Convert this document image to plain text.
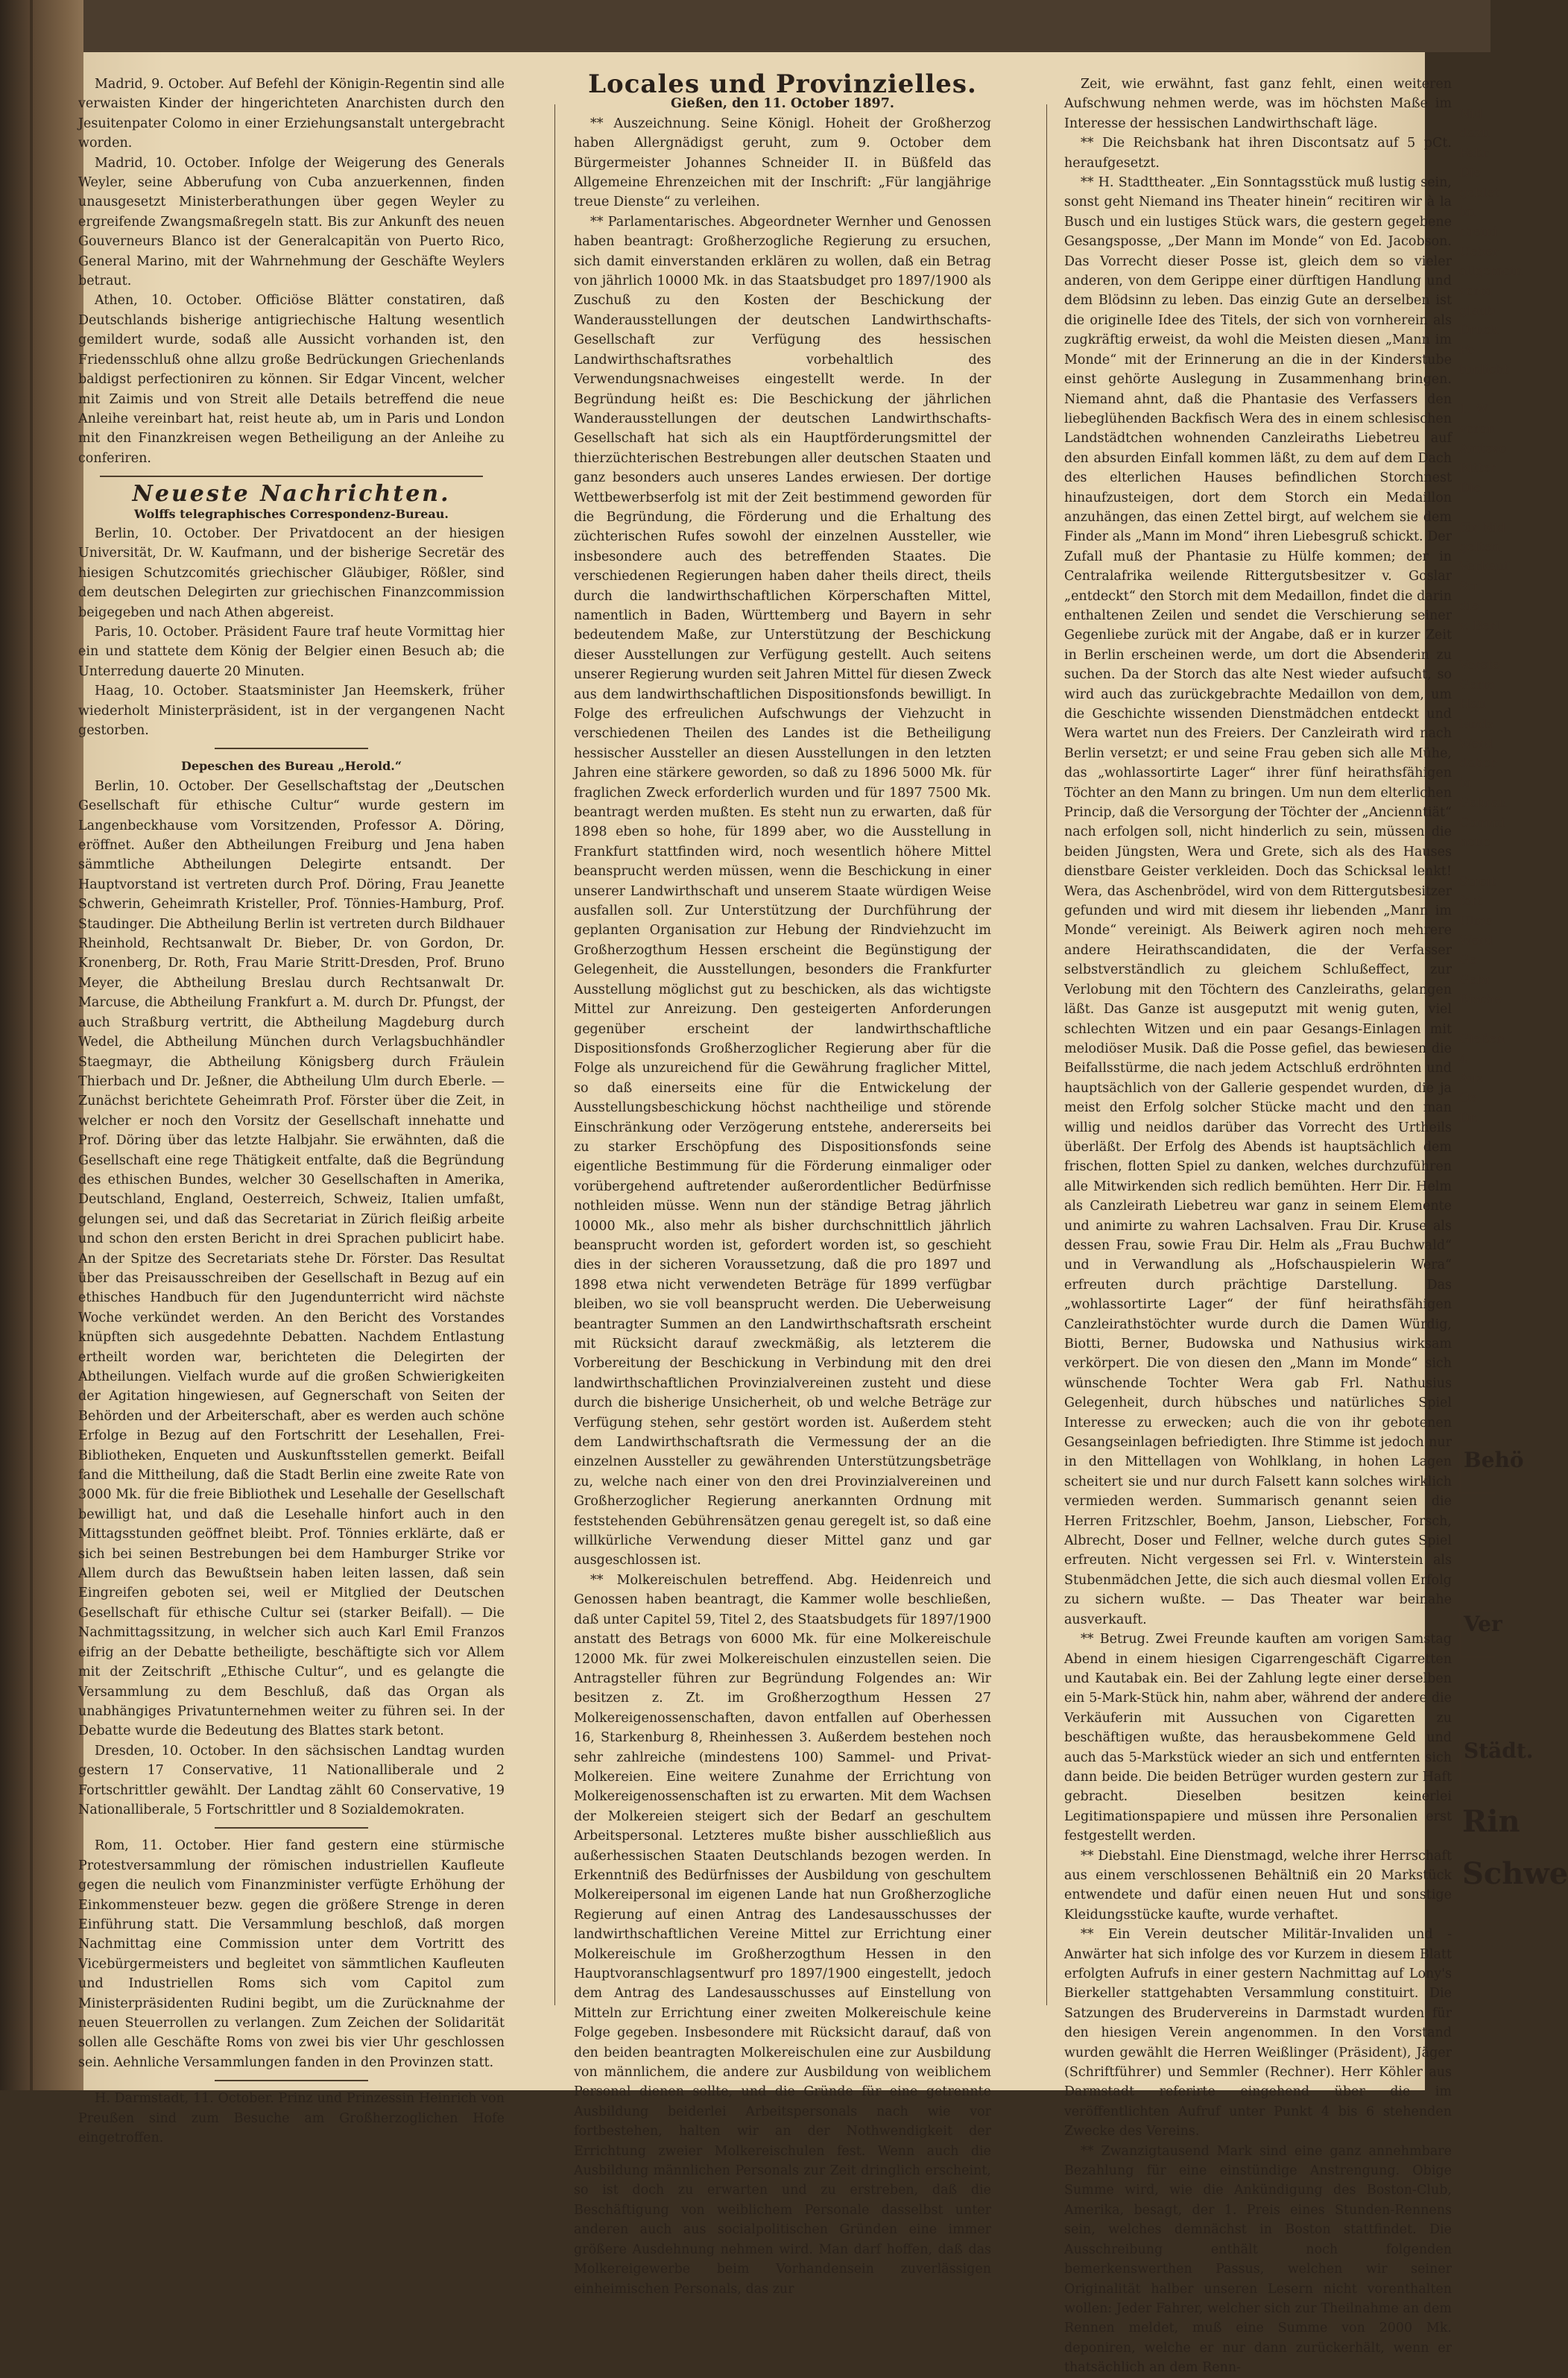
Madrid, 9. October. Auf Befehl der Königin-Regentin sind alle verwaisten Kinder der hingerichteten Anarchisten durch den Jesuitenpater Colomo in einer Erziehungsanstalt untergebracht worden.

Madrid, 10. October. Infolge der Weigerung des Generals Weyler, seine Abberufung von Cuba anzuerkennen, finden unausgesetzt Ministerberathungen über gegen Weyler zu ergreifende Zwangsmaßregeln statt. Bis zur Ankunft des neuen Gouverneurs Blanco ist der Generalcapitän von Puerto Rico, General Marino, mit der Wahrnehmung der Geschäfte Weylers betraut.

Athen, 10. October. Officiöse Blätter constatiren, daß Deutschlands bisherige antigriechische Haltung wesentlich gemildert wurde, sodaß alle Aussicht vorhanden ist, den Friedensschluß ohne allzu große Bedrückungen Griechenlands baldigst perfectioniren zu können. Sir Edgar Vincent, welcher mit Zaimis und von Streit alle Details betreffend die neue Anleihe vereinbart hat, reist heute ab, um in Paris und London mit den Finanzkreisen wegen Betheiligung an der Anleihe zu conferiren.

Neueste Nachrichten.

Wolffs telegraphisches Correspondenz-Bureau.

Berlin, 10. October. Der Privatdocent an der hiesigen Universität, Dr. W. Kaufmann, und der bisherige Secretär des hiesigen Schutzcomités griechischer Gläubiger, Rößler, sind dem deutschen Delegirten zur griechischen Finanzcommission beigegeben und nach Athen abgereist.

Paris, 10. October. Präsident Faure traf heute Vormittag hier ein und stattete dem König der Belgier einen Besuch ab; die Unterredung dauerte 20 Minuten.

Haag, 10. October. Staatsminister Jan Heemskerk, früher wiederholt Ministerpräsident, ist in der vergangenen Nacht gestorben.

Depeschen des Bureau „Herold.“

Berlin, 10. October. Der Gesellschaftstag der „Deutschen Gesellschaft für ethische Cultur“ wurde gestern im Langenbeckhause vom Vorsitzenden, Professor A. Döring, eröffnet. Außer den Abtheilungen Freiburg und Jena haben sämmtliche Abtheilungen Delegirte entsandt. Der Hauptvorstand ist vertreten durch Prof. Döring, Frau Jeanette Schwerin, Geheimrath Kristeller, Prof. Tönnies-Hamburg, Prof. Staudinger. Die Abtheilung Berlin ist vertreten durch Bildhauer Rheinhold, Rechtsanwalt Dr. Bieber, Dr. von Gordon, Dr. Kronenberg, Dr. Roth, Frau Marie Stritt-Dresden, Prof. Bruno Meyer, die Abtheilung Breslau durch Rechtsanwalt Dr. Marcuse, die Abtheilung Frankfurt a. M. durch Dr. Pfungst, der auch Straßburg vertritt, die Abtheilung Magdeburg durch Wedel, die Abtheilung München durch Verlagsbuchhändler Staegmayr, die Abtheilung Königsberg durch Fräulein Thierbach und Dr. Jeßner, die Abtheilung Ulm durch Eberle. — Zunächst berichtete Geheimrath Prof. Förster über die Zeit, in welcher er noch den Vorsitz der Gesellschaft innehatte und Prof. Döring über das letzte Halbjahr. Sie erwähnten, daß die Gesellschaft eine rege Thätigkeit entfalte, daß die Begründung des ethischen Bundes, welcher 30 Gesellschaften in Amerika, Deutschland, England, Oesterreich, Schweiz, Italien umfaßt, gelungen sei, und daß das Secretariat in Zürich fleißig arbeite und schon den ersten Bericht in drei Sprachen publicirt habe. An der Spitze des Secretariats stehe Dr. Förster. Das Resultat über das Preisausschreiben der Gesellschaft in Bezug auf ein ethisches Handbuch für den Jugendunterricht wird nächste Woche verkündet werden. An den Bericht des Vorstandes knüpften sich ausgedehnte Debatten. Nachdem Entlastung ertheilt worden war, berichteten die Delegirten der Abtheilungen. Vielfach wurde auf die großen Schwierigkeiten der Agitation hingewiesen, auf Gegnerschaft von Seiten der Behörden und der Arbeiterschaft, aber es werden auch schöne Erfolge in Bezug auf den Fortschritt der Lesehallen, Frei-Bibliotheken, Enqueten und Auskunftsstellen gemerkt. Beifall fand die Mittheilung, daß die Stadt Berlin eine zweite Rate von 3000 Mk. für die freie Bibliothek und Lesehalle der Gesellschaft bewilligt hat, und daß die Lesehalle hinfort auch in den Mittagsstunden geöffnet bleibt. Prof. Tönnies erklärte, daß er sich bei seinen Bestrebungen bei dem Hamburger Strike vor Allem durch das Bewußtsein haben leiten lassen, daß sein Eingreifen geboten sei, weil er Mitglied der Deutschen Gesellschaft für ethische Cultur sei (starker Beifall). — Die Nachmittagssitzung, in welcher sich auch Karl Emil Franzos eifrig an der Debatte betheiligte, beschäftigte sich vor Allem mit der Zeitschrift „Ethische Cultur“, und es gelangte die Versammlung zu dem Beschluß, daß das Organ als unabhängiges Privatunternehmen weiter zu führen sei. In der Debatte wurde die Bedeutung des Blattes stark betont.

Dresden, 10. October. In den sächsischen Landtag wurden gestern 17 Conservative, 11 Nationalliberale und 2 Fortschrittler gewählt. Der Landtag zählt 60 Conservative, 19 Nationalliberale, 5 Fortschrittler und 8 Sozialdemokraten.

Rom, 11. October. Hier fand gestern eine stürmische Protestversammlung der römischen industriellen Kaufleute gegen die neulich vom Finanzminister verfügte Erhöhung der Einkommensteuer bezw. gegen die größere Strenge in deren Einführung statt. Die Versammlung beschloß, daß morgen Nachmittag eine Commission unter dem Vortritt des Vicebürgermeisters und begleitet von sämmtlichen Kaufleuten und Industriellen Roms sich vom Capitol zum Ministerpräsidenten Rudini begibt, um die Zurücknahme der neuen Steuerrollen zu verlangen. Zum Zeichen der Solidarität sollen alle Geschäfte Roms von zwei bis vier Uhr geschlossen sein. Aehnliche Versammlungen fanden in den Provinzen statt.

H. Darmstadt, 11. October. Prinz und Prinzessin Heinrich von Preußen sind zum Besuche am Großherzoglichen Hofe eingetroffen.

Locales und Provinzielles.

Gießen, den 11. October 1897.

** Auszeichnung. Seine Königl. Hoheit der Großherzog haben Allergnädigst geruht, zum 9. October dem Bürgermeister Johannes Schneider II. in Büßfeld das Allgemeine Ehrenzeichen mit der Inschrift: „Für langjährige treue Dienste“ zu verleihen.

** Parlamentarisches. Abgeordneter Wernher und Genossen haben beantragt: Großherzogliche Regierung zu ersuchen, sich damit einverstanden erklären zu wollen, daß ein Betrag von jährlich 10000 Mk. in das Staatsbudget pro 1897/1900 als Zuschuß zu den Kosten der Beschickung der Wanderausstellungen der deutschen Landwirthschafts-Gesellschaft zur Verfügung des hessischen Landwirthschaftsrathes vorbehaltlich des Verwendungsnachweises eingestellt werde. In der Begründung heißt es: Die Beschickung der jährlichen Wanderausstellungen der deutschen Landwirthschafts-Gesellschaft hat sich als ein Hauptförderungsmittel der thierzüchterischen Bestrebungen aller deutschen Staaten und ganz besonders auch unseres Landes erwiesen. Der dortige Wettbewerbserfolg ist mit der Zeit bestimmend geworden für die Begründung, die Förderung und die Erhaltung des züchterischen Rufes sowohl der einzelnen Aussteller, wie insbesondere auch des betreffenden Staates. Die verschiedenen Regierungen haben daher theils direct, theils durch die landwirthschaftlichen Körperschaften Mittel, namentlich in Baden, Württemberg und Bayern in sehr bedeutendem Maße, zur Unterstützung der Beschickung dieser Ausstellungen zur Verfügung gestellt. Auch seitens unserer Regierung wurden seit Jahren Mittel für diesen Zweck aus dem landwirthschaftlichen Dispositionsfonds bewilligt. In Folge des erfreulichen Aufschwungs der Viehzucht in verschiedenen Theilen des Landes ist die Betheiligung hessischer Aussteller an diesen Ausstellungen in den letzten Jahren eine stärkere geworden, so daß zu 1896 5000 Mk. für fraglichen Zweck erforderlich wurden und für 1897 7500 Mk. beantragt werden mußten. Es steht nun zu erwarten, daß für 1898 eben so hohe, für 1899 aber, wo die Ausstellung in Frankfurt stattfinden wird, noch wesentlich höhere Mittel beansprucht werden müssen, wenn die Beschickung in einer unserer Landwirthschaft und unserem Staate würdigen Weise ausfallen soll. Zur Unterstützung der Durchführung der geplanten Organisation zur Hebung der Rindviehzucht im Großherzogthum Hessen erscheint die Begünstigung der Gelegenheit, die Ausstellungen, besonders die Frankfurter Ausstellung möglichst gut zu beschicken, als das wichtigste Mittel zur Anreizung. Den gesteigerten Anforderungen gegenüber erscheint der landwirthschaftliche Dispositionsfonds Großherzoglicher Regierung aber für die Folge als unzureichend für die Gewährung fraglicher Mittel, so daß einerseits eine für die Entwickelung der Ausstellungsbeschickung höchst nachtheilige und störende Einschränkung oder Verzögerung entstehe, andererseits bei zu starker Erschöpfung des Dispositionsfonds seine eigentliche Bestimmung für die Förderung einmaliger oder vorübergehend auftretender außerordentlicher Bedürfnisse nothleiden müsse. Wenn nun der ständige Betrag jährlich 10000 Mk., also mehr als bisher durchschnittlich jährlich beansprucht worden ist, gefordert worden ist, so geschieht dies in der sicheren Voraussetzung, daß die pro 1897 und 1898 etwa nicht verwendeten Beträge für 1899 verfügbar bleiben, wo sie voll beansprucht werden. Die Ueberweisung beantragter Summen an den Landwirthschaftsrath erscheint mit Rücksicht darauf zweckmäßig, als letzterem die Vorbereitung der Beschickung in Verbindung mit den drei landwirthschaftlichen Provinzialvereinen zusteht und diese durch die bisherige Unsicherheit, ob und welche Beträge zur Verfügung stehen, sehr gestört worden ist. Außerdem steht dem Landwirthschaftsrath die Vermessung der an die einzelnen Aussteller zu gewährenden Unterstützungsbeträge zu, welche nach einer von den drei Provinzialvereinen und Großherzoglicher Regierung anerkannten Ordnung mit feststehenden Gebührensätzen genau geregelt ist, so daß eine willkürliche Verwendung dieser Mittel ganz und gar ausgeschlossen ist.

** Molkereischulen betreffend. Abg. Heidenreich und Genossen haben beantragt, die Kammer wolle beschließen, daß unter Capitel 59, Titel 2, des Staatsbudgets für 1897/1900 anstatt des Betrags von 6000 Mk. für eine Molkereischule 12000 Mk. für zwei Molkereischulen einzustellen seien. Die Antragsteller führen zur Begründung Folgendes an: Wir besitzen z. Zt. im Großherzogthum Hessen 27 Molkereigenossenschaften, davon entfallen auf Oberhessen 16, Starkenburg 8, Rheinhessen 3. Außerdem bestehen noch sehr zahlreiche (mindestens 100) Sammel- und Privat-Molkereien. Eine weitere Zunahme der Errichtung von Molkereigenossenschaften ist zu erwarten. Mit dem Wachsen der Molkereien steigert sich der Bedarf an geschultem Arbeitspersonal. Letzteres mußte bisher ausschließlich aus außerhessischen Staaten Deutschlands bezogen werden. In Erkenntniß des Bedürfnisses der Ausbildung von geschultem Molkereipersonal im eigenen Lande hat nun Großherzogliche Regierung auf einen Antrag des Landesausschusses der landwirthschaftlichen Vereine Mittel zur Errichtung einer Molkereischule im Großherzogthum Hessen in den Hauptvoranschlagsentwurf pro 1897/1900 eingestellt, jedoch dem Antrag des Landesausschusses auf Einstellung von Mitteln zur Errichtung einer zweiten Molkereischule keine Folge gegeben. Insbesondere mit Rücksicht darauf, daß von den beiden beantragten Molkereischulen eine zur Ausbildung von männlichem, die andere zur Ausbildung von weiblichem Personal dienen sollte, und die Gründe für eine getrennte Ausbildung beiderlei Arbeitspersonals nach wie vor fortbestehen, halten wir an der Nothwendigkeit der Errichtung zweier Molkereischulen fest. Wenn auch die Ausbildung männlichen Personals zur Zeit dringlich erscheint, so ist doch zu erwarten und zu erstreben, daß die Beschäftigung von weiblichem Personale dasselbst unter anderen auch aus socialpolitischen Gründen eine immer größere Ausdehnung nehmen wird. Man darf hoffen, daß das Molkereigewerbe beim Vorhandensein zuverlässigen einheimischen Personals, das zur

Zeit, wie erwähnt, fast ganz fehlt, einen weiteren Aufschwung nehmen werde, was im höchsten Maße im Interesse der hessischen Landwirthschaft läge.

** Die Reichsbank hat ihren Discontsatz auf 5 pCt. heraufgesetzt.

** H. Stadttheater. „Ein Sonntagsstück muß lustig sein, sonst geht Niemand ins Theater hinein“ recitiren wir à la Busch und ein lustiges Stück wars, die gestern gegebene Gesangsposse, „Der Mann im Monde“ von Ed. Jacobson. Das Vorrecht dieser Posse ist, gleich dem so vieler anderen, von dem Gerippe einer dürftigen Handlung und dem Blödsinn zu leben. Das einzig Gute an derselben ist die originelle Idee des Titels, der sich von vornherein als zugkräftig erweist, da wohl die Meisten diesen „Mann im Monde“ mit der Erinnerung an die in der Kinderstube einst gehörte Auslegung in Zusammenhang bringen. Niemand ahnt, daß die Phantasie des Verfassers den liebeglühenden Backfisch Wera des in einem schlesischen Landstädtchen wohnenden Canzleiraths Liebetreu auf den absurden Einfall kommen läßt, zu dem auf dem Dach des elterlichen Hauses befindlichen Storchnest hinaufzusteigen, dort dem Storch ein Medaillon anzuhängen, das einen Zettel birgt, auf welchem sie dem Finder als „Mann im Mond“ ihren Liebesgruß schickt. Der Zufall muß der Phantasie zu Hülfe kommen; der in Centralafrika weilende Rittergutsbesitzer v. Goslar „entdeckt“ den Storch mit dem Medaillon, findet die darin enthaltenen Zeilen und sendet die Verschierung seiner Gegenliebe zurück mit der Angabe, daß er in kurzer Zeit in Berlin erscheinen werde, um dort die Absenderin zu suchen. Da der Storch das alte Nest wieder aufsucht, so wird auch das zurückgebrachte Medaillon von dem, um die Geschichte wissenden Dienstmädchen entdeckt und Wera wartet nun des Freiers. Der Canzleirath wird nach Berlin versetzt; er und seine Frau geben sich alle Mühe, das „wohlassortirte Lager“ ihrer fünf heirathsfähigen Töchter an den Mann zu bringen. Um nun dem elterlichen Princip, daß die Versorgung der Töchter der „Ancienntiät“ nach erfolgen soll, nicht hinderlich zu sein, müssen die beiden Jüngsten, Wera und Grete, sich als des Hauses dienstbare Geister verkleiden. Doch das Schicksal lenkt! Wera, das Aschenbrödel, wird von dem Rittergutsbesitzer gefunden und wird mit diesem ihr liebenden „Mann im Monde“ vereinigt. Als Beiwerk agiren noch mehrere andere Heirathscandidaten, die der Verfasser selbstverständlich zu gleichem Schlußeffect, zur Verlobung mit den Töchtern des Canzleiraths, gelangen läßt. Das Ganze ist ausgeputzt mit wenig guten, viel schlechten Witzen und ein paar Gesangs-Einlagen mit melodiöser Musik. Daß die Posse gefiel, das bewiesen die Beifallsstürme, die nach jedem Actschluß erdröhnten und hauptsächlich von der Gallerie gespendet wurden, die ja meist den Erfolg solcher Stücke macht und den man willig und neidlos darüber das Vorrecht des Urtheils überläßt. Der Erfolg des Abends ist hauptsächlich dem frischen, flotten Spiel zu danken, welches durchzuführen alle Mitwirkenden sich redlich bemühten. Herr Dir. Helm als Canzleirath Liebetreu war ganz in seinem Elemente und animirte zu wahren Lachsalven. Frau Dir. Kruse als dessen Frau, sowie Frau Dir. Helm als „Frau Buchwald“ und in Verwandlung als „Hofschauspielerin Wera“ erfreuten durch prächtige Darstellung. Das „wohlassortirte Lager“ der fünf heirathsfähigen Canzleirathstöchter wurde durch die Damen Würdig, Biotti, Berner, Budowska und Nathusius wirksam verkörpert. Die von diesen den „Mann im Monde“ sich wünschende Tochter Wera gab Frl. Nathusius Gelegenheit, durch hübsches und natürliches Spiel Interesse zu erwecken; auch die von ihr gebotenen Gesangseinlagen befriedigten. Ihre Stimme ist jedoch nur in den Mittellagen von Wohlklang, in hohen Lagen scheitert sie und nur durch Falsett kann solches wirklich vermieden werden. Summarisch genannt seien die Herren Fritzschler, Boehm, Janson, Liebscher, Forsch, Albrecht, Doser und Fellner, welche durch gutes Spiel erfreuten. Nicht vergessen sei Frl. v. Winterstein als Stubenmädchen Jette, die sich auch diesmal vollen Erfolg zu sichern wußte. — Das Theater war beinahe ausverkauft.

** Betrug. Zwei Freunde kauften am vorigen Samstag Abend in einem hiesigen Cigarrengeschäft Cigarretten und Kautabak ein. Bei der Zahlung legte einer derselben ein 5-Mark-Stück hin, nahm aber, während der andere die Verkäuferin mit Aussuchen von Cigaretten zu beschäftigen wußte, das herausbekommene Geld und auch das 5-Markstück wieder an sich und entfernten sich dann beide. Die beiden Betrüger wurden gestern zur Haft gebracht. Dieselben besitzen keinerlei Legitimationspapiere und müssen ihre Personalien erst festgestellt werden.

** Diebstahl. Eine Dienstmagd, welche ihrer Herrschaft aus einem verschlossenen Behältniß ein 20 Markstück entwendete und dafür einen neuen Hut und sonstige Kleidungsstücke kaufte, wurde verhaftet.

** Ein Verein deutscher Militär-Invaliden und -Anwärter hat sich infolge des vor Kurzem in diesem Blatt erfolgten Aufrufs in einer gestern Nachmittag auf Lony's Bierkeller stattgehabten Versammlung constituirt. Die Satzungen des Brudervereins in Darmstadt wurden für den hiesigen Verein angenommen. In den Vorstand wurden gewählt die Herren Weißlinger (Präsident), Jäger (Schriftführer) und Semmler (Rechner). Herr Köhler aus Darmstadt referirte eingehend über die im veröffentlichten Aufruf unter Punkt 4 bis 6 stehenden Zwecke des Vereins.

** Zwanzigtausend Mark sind eine ganz annehmbare Bezahlung für eine einstündige Anstrengung. Obige Summe wird, wie die Ankündigung des Boston-Club, Amerika, besagt, der 1. Preis eines Stunden-Rennens sein, welches demnächst in Boston stattfindet. Die Ausschreibung enthält noch folgenden bemerkenswerthen Passus, welchen wir seiner Originalität halber unseren Lesern nicht vorenthalten wollen: Jeder Fahrer, welcher sich zur Theilnahme an dem Rennen meldet, muß eine Summe von 2000 Mk. deponiren, welche er nur dann zurückerhält, wenn er thatsächlich an dem Renn-

Nid

dazu

Fahr

Die

geblet

im

rheini

Ueber

allgemein

vorm

glaub

Druck

Fo

tunlicht

1. W

veran

Amtsvo

Ritter

Die

für Nid

gelten

Verkauf

Str

die

v. Berl

Vorste

Germ

Hau

lands

Werd

daher

in

Gebrau

Commi

neue

Streit

fort

Ulms

Werd

Ge

Gebr

Bische

Gießen

4

Aus

Oe

Dr.

Behö
Ver
Städt.
Rin
Schwe
